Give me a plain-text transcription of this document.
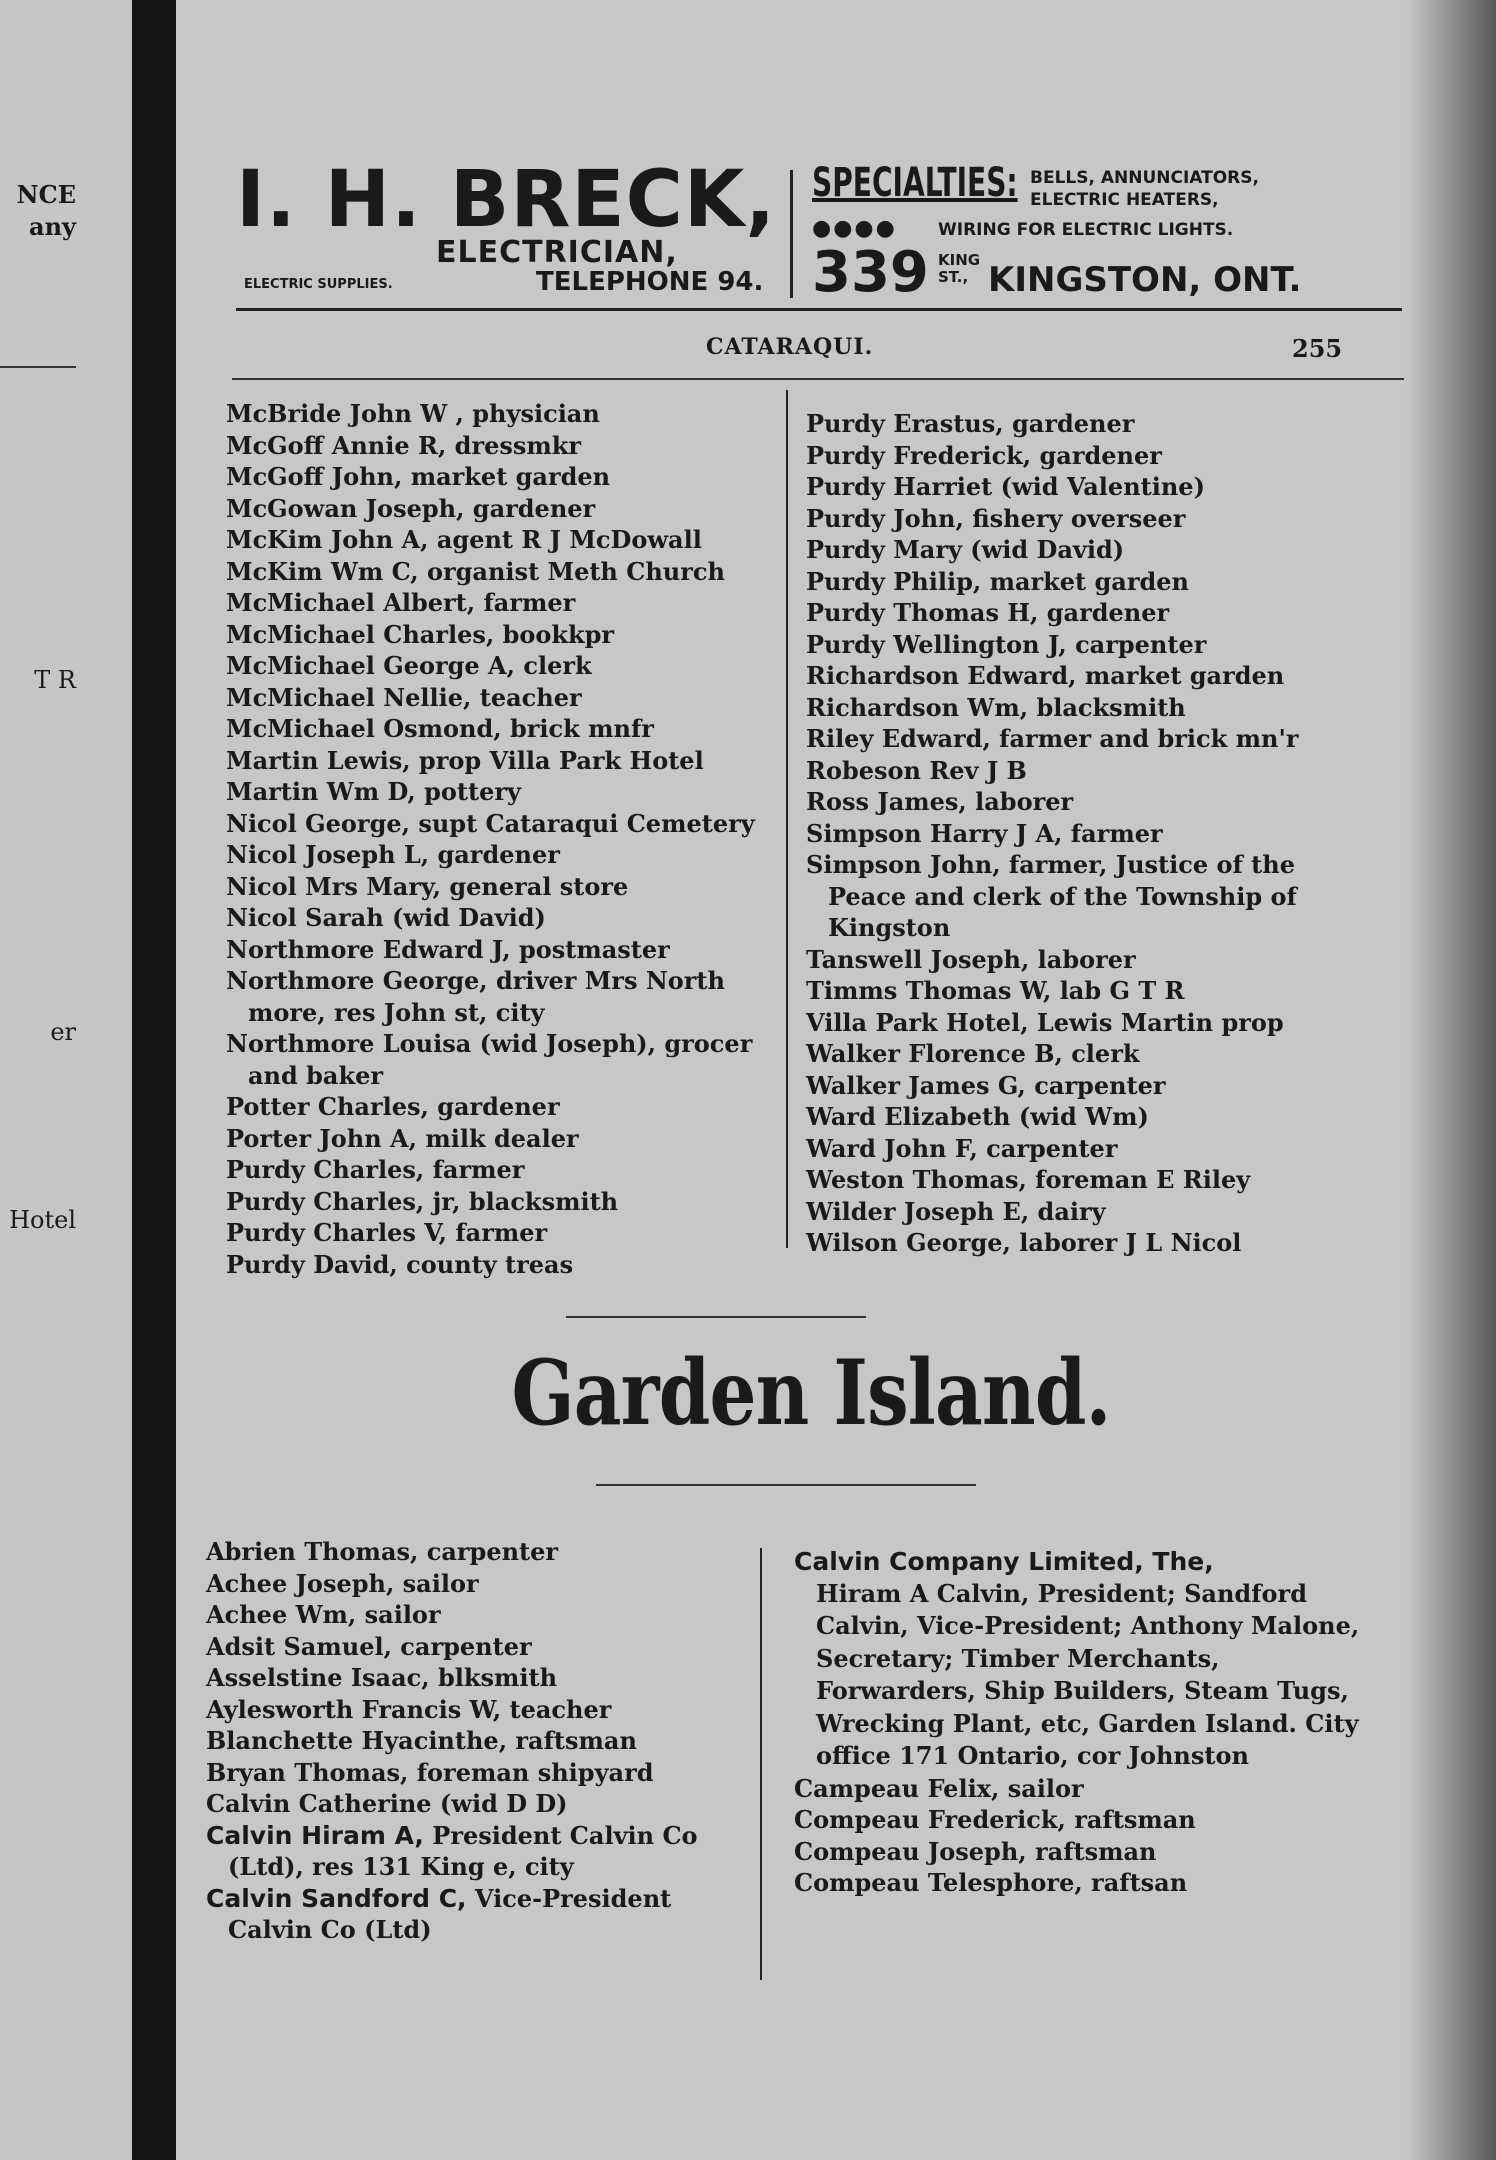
NCE
any
T R
er
Hotel
I. H. BRECK,
ELECTRICIAN,
ELECTRIC SUPPLIES.	TELEPHONE 94.
SPECIALTIES: BELLS, ANNUNCIATORS,
ELECTRIC HEATERS,
●●●● WIRING FOR ELECTRIC LIGHTS.
339 KING
ST., KINGSTON, ONT.
CATARAQUI.	255
McBride John W , physician
McGoff Annie R, dressmkr
McGoff John, market garden
McGowan Joseph, gardener
McKim John A, agent R J McDowall
McKim Wm C, organist Meth Church
McMichael Albert, farmer
McMichael Charles, bookkpr
McMichael George A, clerk
McMichael Nellie, teacher
McMichael Osmond, brick mnfr
Martin Lewis, prop Villa Park Hotel
Martin Wm D, pottery
Nicol George, supt Cataraqui Cemetery
Nicol Joseph L, gardener
Nicol Mrs Mary, general store
Nicol Sarah (wid David)
Northmore Edward J, postmaster
Northmore George, driver Mrs North more, res John st, city
Northmore Louisa (wid Joseph), grocer and baker
Potter Charles, gardener
Porter John A, milk dealer
Purdy Charles, farmer
Purdy Charles, jr, blacksmith
Purdy Charles V, farmer
Purdy David, county treas
Purdy Erastus, gardener
Purdy Frederick, gardener
Purdy Harriet (wid Valentine)
Purdy John, fishery overseer
Purdy Mary (wid David)
Purdy Philip, market garden
Purdy Thomas H, gardener
Purdy Wellington J, carpenter
Richardson Edward, market garden
Richardson Wm, blacksmith
Riley Edward, farmer and brick mn'r
Robeson Rev J B
Ross James, laborer
Simpson Harry J A, farmer
Simpson John, farmer, Justice of the Peace and clerk of the Township of Kingston
Tanswell Joseph, laborer
Timms Thomas W, lab G T R
Villa Park Hotel, Lewis Martin prop
Walker Florence B, clerk
Walker James G, carpenter
Ward Elizabeth (wid Wm)
Ward John F, carpenter
Weston Thomas, foreman E Riley
Wilder Joseph E, dairy
Wilson George, laborer J L Nicol
Garden Island.
Abrien Thomas, carpenter
Achee Joseph, sailor
Achee Wm, sailor
Adsit Samuel, carpenter
Asselstine Isaac, blksmith
Aylesworth Francis W, teacher
Blanchette Hyacinthe, raftsman
Bryan Thomas, foreman shipyard
Calvin Catherine (wid D D)
Calvin Hiram A, President Calvin Co (Ltd), res 131 King e, city
Calvin Sandford C, Vice-President Calvin Co (Ltd)
Calvin Company Limited, The,
Hiram A Calvin, President; Sandford Calvin, Vice-President; Anthony Malone, Secretary; Timber Merchants, Forwarders, Ship Builders, Steam Tugs, Wrecking Plant, etc, Garden Island. City office 171 Ontario, cor Johnston
Campeau Felix, sailor
Compeau Frederick, raftsman
Compeau Joseph, raftsman
Compeau Telesphore, raftsan
